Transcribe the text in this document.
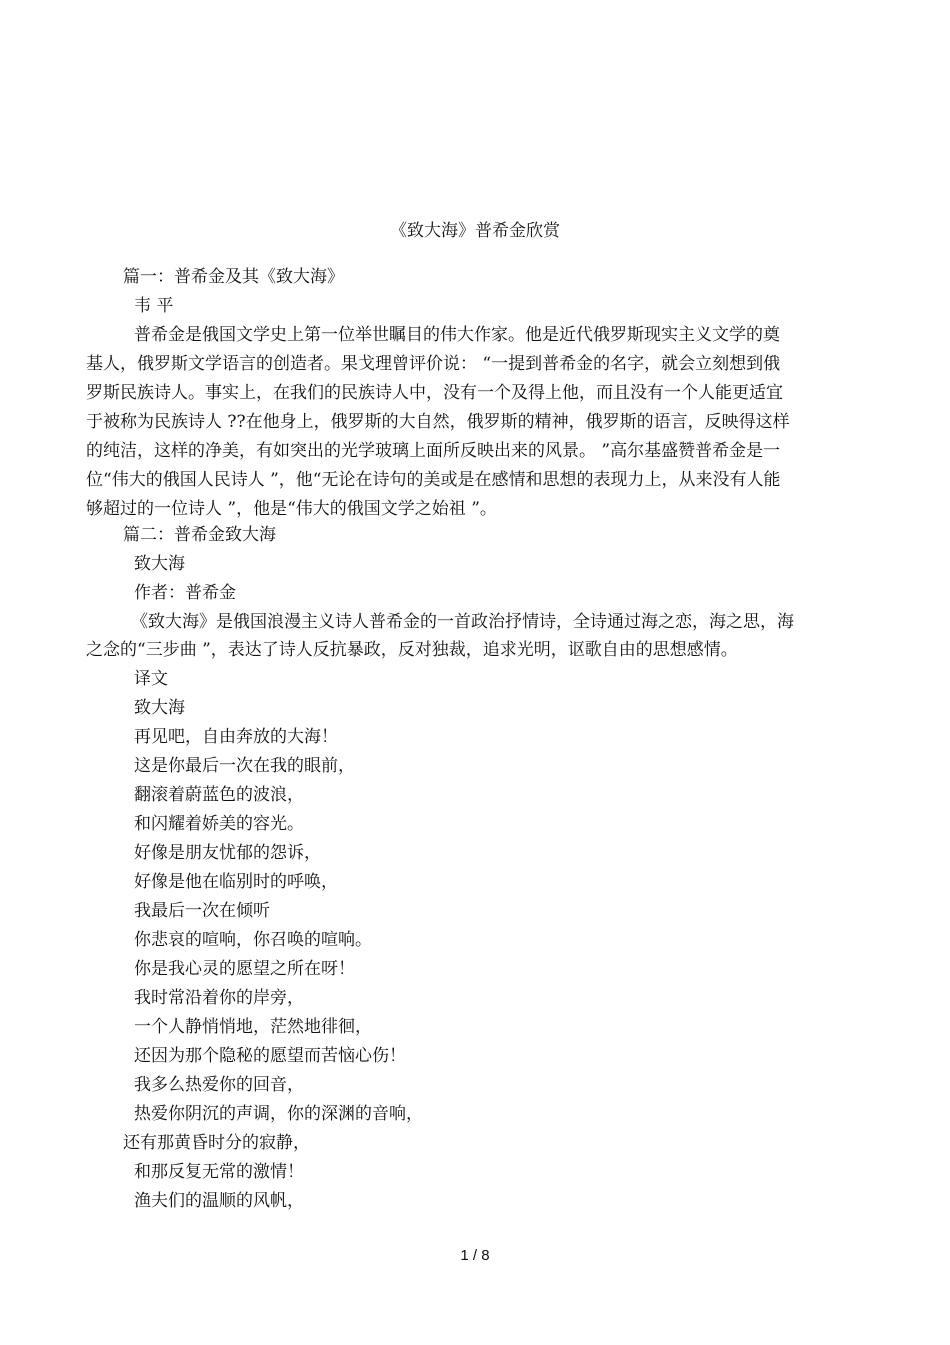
《致大海》普希金欣赏

篇一：普希金及其《致大海》

韦 平

普希金是俄国文学史上第一位举世瞩目的伟大作家。他是近代俄罗斯现实主义文学的奠

基人，俄罗斯文学语言的创造者。果戈理曾评价说： “一提到普希金的名字，就会立刻想到俄

罗斯民族诗人。事实上，在我们的民族诗人中，没有一个及得上他，而且没有一个人能更适宜

于被称为民族诗人 ??在他身上，俄罗斯的大自然，俄罗斯的精神，俄罗斯的语言，反映得这样

的纯洁，这样的净美，有如突出的光学玻璃上面所反映出来的风景。 ”高尔基盛赞普希金是一

位“伟大的俄国人民诗人 ”，他“无论在诗句的美或是在感情和思想的表现力上，从来没有人能

够超过的一位诗人 ”，他是“伟大的俄国文学之始祖 ”。

篇二：普希金致大海

致大海

作者：普希金

《致大海》是俄国浪漫主义诗人普希金的一首政治抒情诗，全诗通过海之恋，海之思，海

之念的“三步曲 ”，表达了诗人反抗暴政，反对独裁，追求光明，讴歌自由的思想感情。

译文

致大海

再见吧，自由奔放的大海！

这是你最后一次在我的眼前，

翻滚着蔚蓝色的波浪，

和闪耀着娇美的容光。

好像是朋友忧郁的怨诉，

好像是他在临别时的呼唤，

我最后一次在倾听

你悲哀的喧响，你召唤的喧响。

你是我心灵的愿望之所在呀！

我时常沿着你的岸旁，

一个人静悄悄地，茫然地徘徊，

还因为那个隐秘的愿望而苦恼心伤！

我多么热爱你的回音，

热爱你阴沉的声调，你的深渊的音响，

还有那黄昏时分的寂静，

和那反复无常的激情！

渔夫们的温顺的风帆，

1 / 8
